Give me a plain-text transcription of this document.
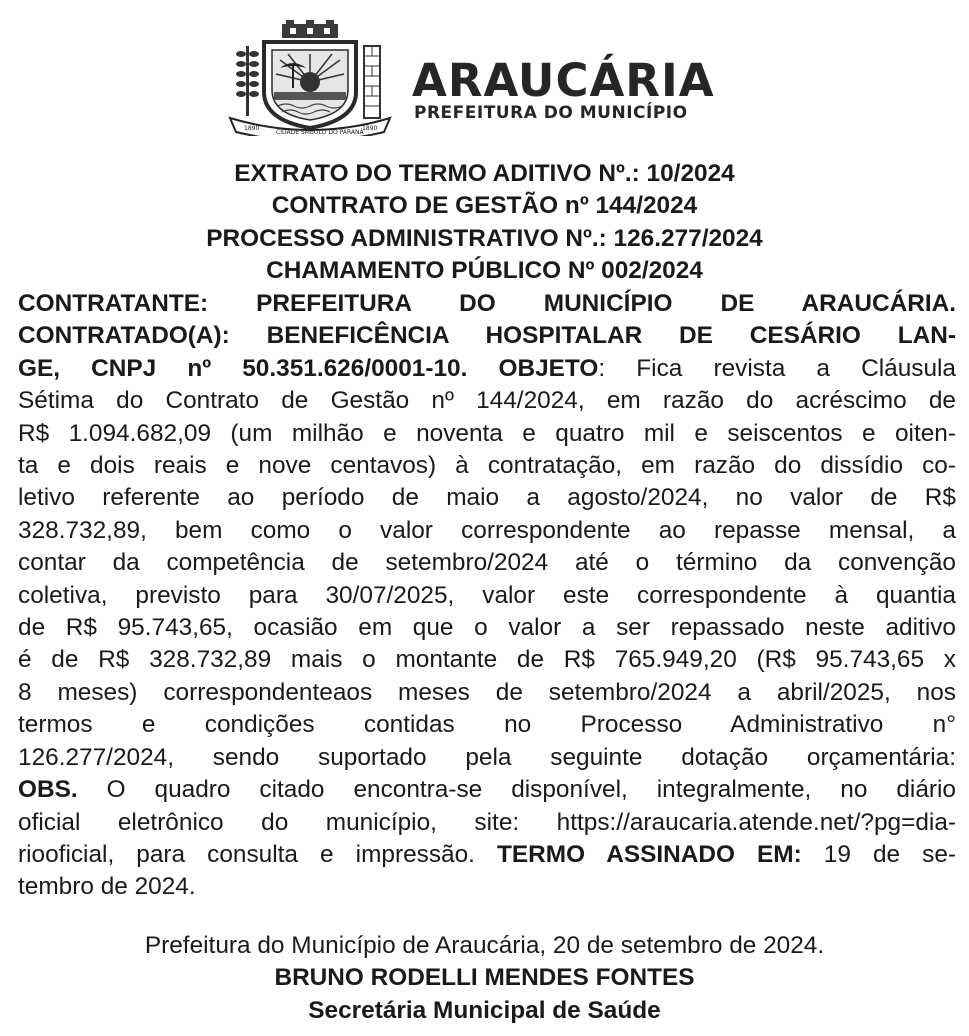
1890
CIDADE SMBOLO DO PARANÁ
1890
ARAUCÁRIA
PREFEITURA DO MUNICÍPIO
EXTRATO DO TERMO ADITIVO Nº.: 10/2024
CONTRATO DE GESTÃO nº 144/2024
PROCESSO ADMINISTRATIVO Nº.: 126.277/2024
CHAMAMENTO PÚBLICO Nº 002/2024
CONTRATANTE: PREFEITURA DO MUNICÍPIO DE ARAUCÁRIA.
CONTRATADO(A): BENEFICÊNCIA HOSPITALAR DE CESÁRIO LAN-
GE, CNPJ nº 50.351.626/0001-10. OBJETO: Fica revista a Cláusula
Sétima do Contrato de Gestão nº 144/2024, em razão do acréscimo de
R$ 1.094.682,09 (um milhão e noventa e quatro mil e seiscentos e oiten-
ta e dois reais e nove centavos) à contratação, em razão do dissídio co-
letivo referente ao período de maio a agosto/2024, no valor de R$
328.732,89, bem como o valor correspondente ao repasse mensal, a
contar da competência de setembro/2024 até o término da convenção
coletiva, previsto para 30/07/2025, valor este correspondente à quantia
de R$ 95.743,65, ocasião em que o valor a ser repassado neste aditivo
é de R$ 328.732,89 mais o montante de R$ 765.949,20 (R$ 95.743,65 x
8 meses) correspondenteaos meses de setembro/2024 a abril/2025, nos
termos e condições contidas no Processo Administrativo n°
126.277/2024, sendo suportado pela seguinte dotação orçamentária:
OBS. O quadro citado encontra-se disponível, integralmente, no diário
oficial eletrônico do município, site: https://araucaria.atende.net/?pg=dia-
riooficial, para consulta e impressão. TERMO ASSINADO EM: 19 de se-
tembro de 2024.
Prefeitura do Município de Araucária, 20 de setembro de 2024.
BRUNO RODELLI MENDES FONTES
Secretária Municipal de Saúde
